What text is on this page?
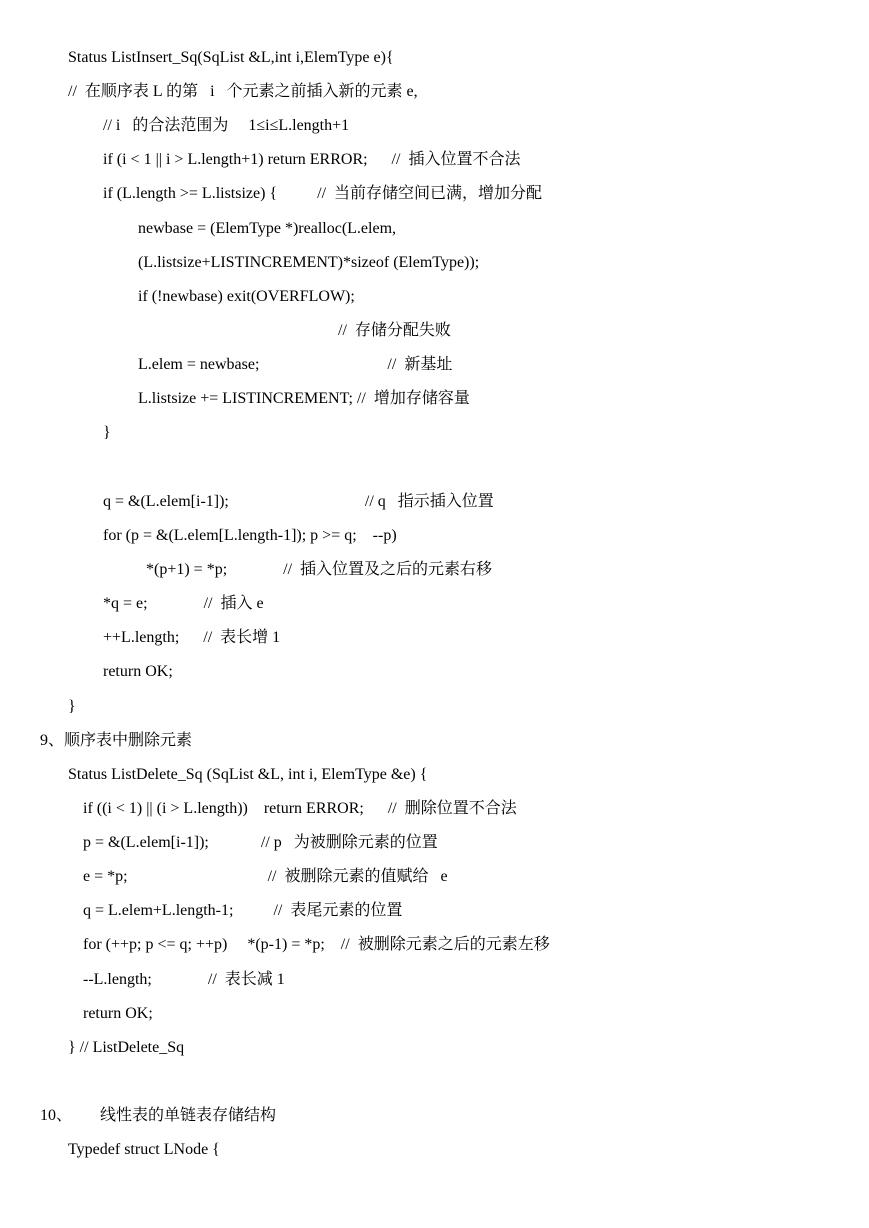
Status ListInsert_Sq(SqList &L,int i,ElemType e){
//  在顺序表 L 的第   i   个元素之前插入新的元素 e,
// i   的合法范围为     1≤i≤L.length+1
if (i < 1 || i > L.length+1) return ERROR;      //  插入位置不合法
if (L.length >= L.listsize) {          //  当前存储空间已满，增加分配
newbase = (ElemType *)realloc(L.elem,
(L.listsize+LISTINCREMENT)*sizeof (ElemType));
if (!newbase) exit(OVERFLOW);
//  存储分配失败
L.elem = newbase;                                //  新基址
L.listsize += LISTINCREMENT; //  增加存储容量
}
q = &(L.elem[i-1]);                                  // q   指示插入位置
for (p = &(L.elem[L.length-1]); p >= q;    --p)
*(p+1) = *p;              //  插入位置及之后的元素右移
*q = e;              //  插入 e
++L.length;      //  表长增 1
return OK;
}
9、顺序表中删除元素
Status ListDelete_Sq (SqList &L, int i, ElemType &e) {
if ((i < 1) || (i > L.length))    return ERROR;      //  删除位置不合法
p = &(L.elem[i-1]);             // p   为被删除元素的位置
e = *p;                                   //  被删除元素的值赋给   e
q = L.elem+L.length-1;          //  表尾元素的位置
for (++p; p <= q; ++p)     *(p-1) = *p;    //  被删除元素之后的元素左移
--L.length;              //  表长减 1
return OK;
} // ListDelete_Sq
10、       线性表的单链表存储结构
Typedef struct LNode {
